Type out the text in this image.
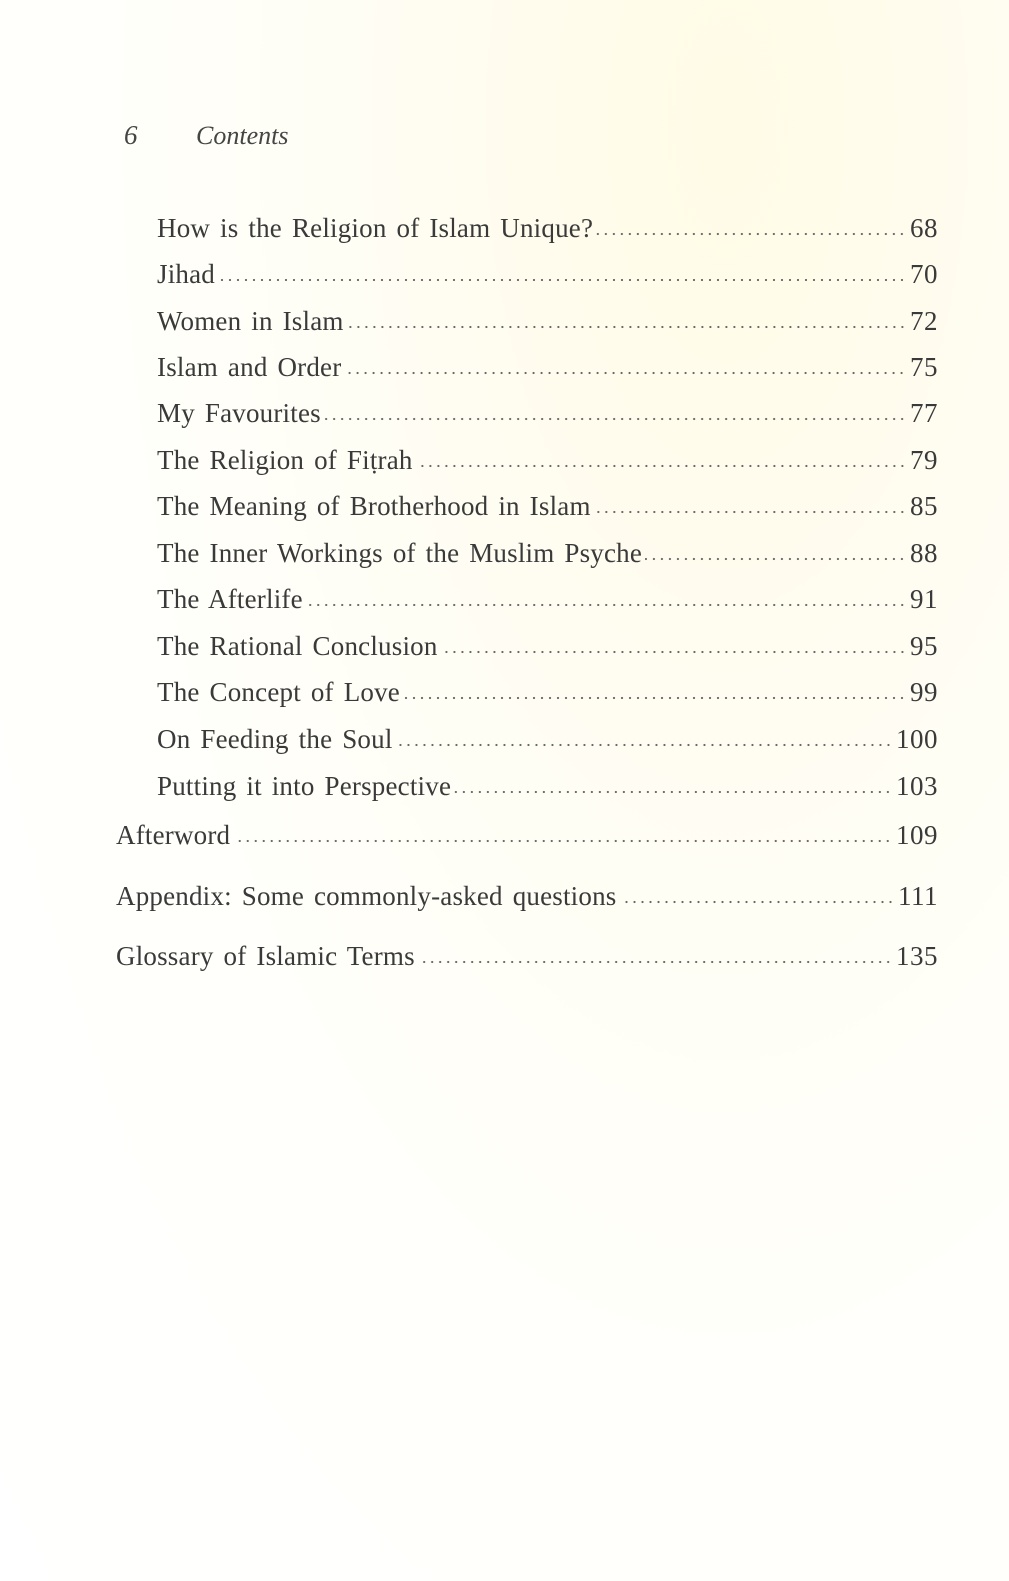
6	Contents
How is the Religion of Islam Unique?	68
Jihad	70
Women in Islam	72
Islam and Order	75
My Favourites	77
The Religion of Fiṭrah	79
The Meaning of Brotherhood in Islam	85
The Inner Workings of the Muslim Psyche	88
The Afterlife	91
The Rational Conclusion	95
The Concept of Love	99
On Feeding the Soul	100
Putting it into Perspective	103
Afterword	109
Appendix: Some commonly-asked questions	111
Glossary of Islamic Terms	135
